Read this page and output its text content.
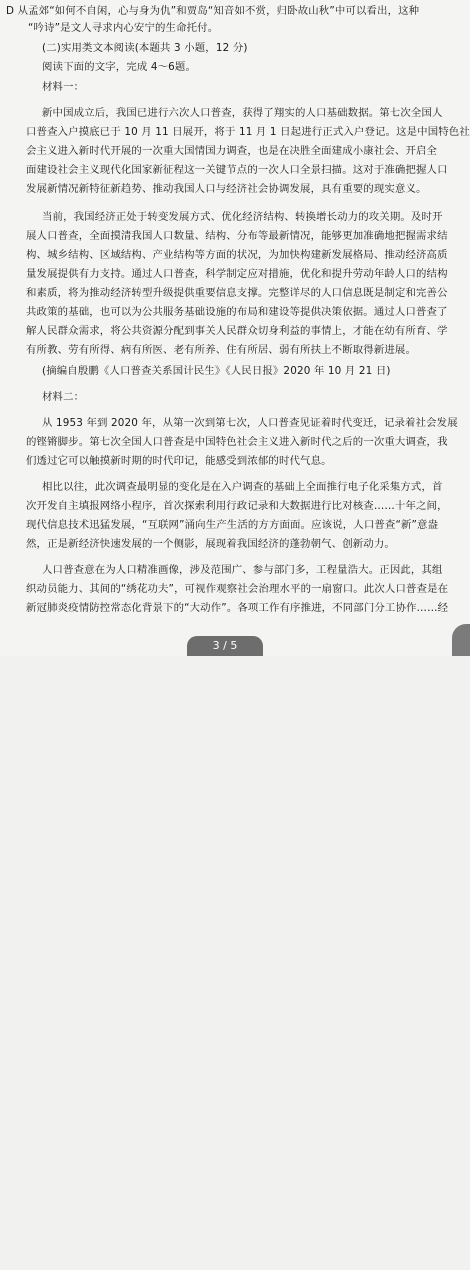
D 从孟郊“如何不自闲，心与身为仇”和贾岛“知音如不赏，归卧故山秋”中可以看出，这种
“吟诗”是文人寻求内心安宁的生命托付。
(二)实用类文本阅读(本题共 3 小题，12 分)
阅读下面的文字，完成 4～6题。
材料一：
新中国成立后，我国已进行六次人口普查，获得了翔实的人口基础数据。第七次全国人
口普查入户摸底已于 10 月 11 日展开，将于 11 月 1 日起进行正式入户登记。这是中国特色社
会主义进入新时代开展的一次重大国情国力调查，也是在决胜全面建成小康社会、开启全
面建设社会主义现代化国家新征程这一关键节点的一次人口全景扫描。这对于准确把握人口
发展新情况新特征新趋势、推动我国人口与经济社会协调发展，具有重要的现实意义。
当前，我国经济正处于转变发展方式、优化经济结构、转换增长动力的攻关期。及时开
展人口普查，全面摸清我国人口数量、结构、分布等最新情况，能够更加准确地把握需求结
构、城乡结构、区域结构、产业结构等方面的状况，为加快构建新发展格局、推动经济高质
量发展提供有力支持。通过人口普查，科学制定应对措施，优化和提升劳动年龄人口的结构
和素质，将为推动经济转型升级提供重要信息支撑。完整详尽的人口信息既是制定和完善公
共政策的基础，也可以为公共服务基础设施的布局和建设等提供决策依据。通过人口普查了
解人民群众需求，将公共资源分配到事关人民群众切身利益的事情上，才能在幼有所育、学
有所教、劳有所得、病有所医、老有所养、住有所居、弱有所扶上不断取得新进展。
(摘编自殷鹏《人口普查关系国计民生》《人民日报》2020 年 10 月 21 日)
材料二：
从 1953 年到 2020 年，从第一次到第七次，人口普查见证着时代变迁，记录着社会发展
的铿锵脚步。第七次全国人口普查是中国特色社会主义进入新时代之后的一次重大调查，我
们透过它可以触摸新时期的时代印记，能感受到浓郁的时代气息。
相比以往，此次调查最明显的变化是在入户调查的基础上全面推行电子化采集方式，首
次开发自主填报网络小程序，首次探索利用行政记录和大数据进行比对核查……十年之间，
现代信息技术迅猛发展，“互联网”涌向生产生活的方方面面。应该说，人口普查“新”意盎
然，正是新经济快速发展的一个侧影，展现着我国经济的蓬勃朝气、创新动力。
人口普查意在为人口精准画像，涉及范围广、参与部门多，工程量浩大。正因此，其组
织动员能力、其间的“绣花功夫”，可视作观察社会治理水平的一扇窗口。此次人口普查是在
新冠肺炎疫情防控常态化背景下的“大动作”。各项工作有序推进，不同部门分工协作……经
3 / 5
